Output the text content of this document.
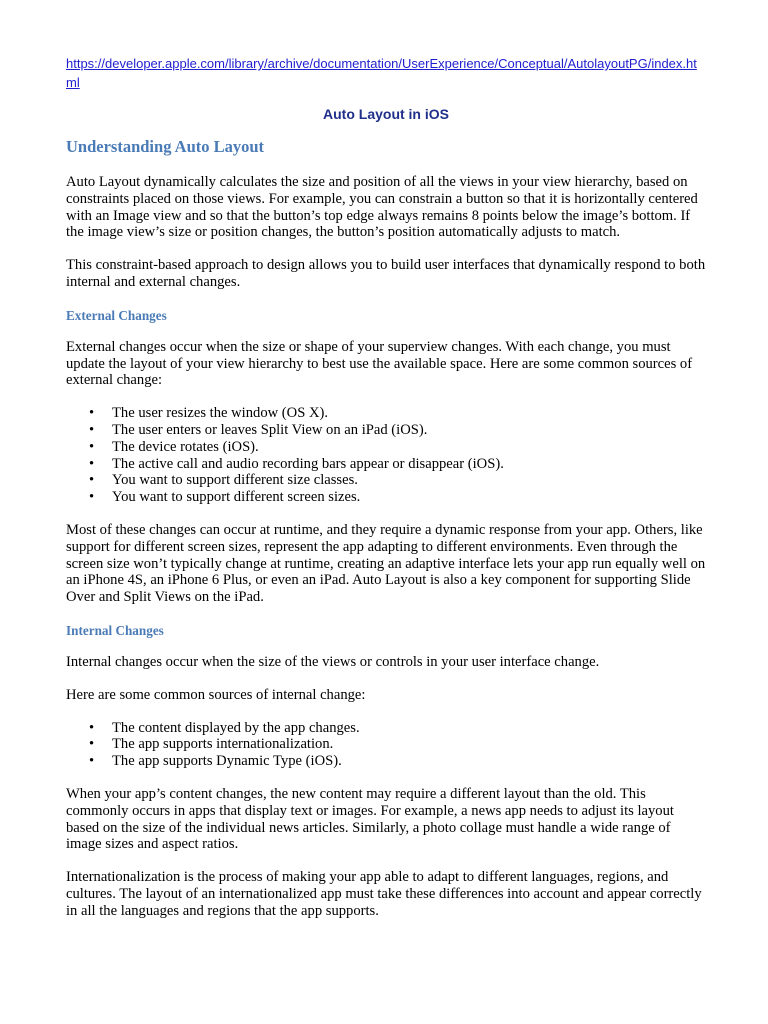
https://developer.apple.com/library/archive/documentation/UserExperience/Conceptual/AutolayoutPG/index.html

Auto Layout in iOS
Understanding Auto Layout

Auto Layout dynamically calculates the size and position of all the views in your view hierarchy, based on constraints placed on those views. For example, you can constrain a button so that it is horizontally centered with an Image view and so that the button’s top edge always remains 8 points below the image’s bottom. If the image view’s size or position changes, the button’s position automatically adjusts to match.

This constraint-based approach to design allows you to build user interfaces that dynamically respond to both internal and external changes.

External Changes

External changes occur when the size or shape of your superview changes. With each change, you must update the layout of your view hierarchy to best use the available space. Here are some common sources of external change:

• The user resizes the window (OS X).
• The user enters or leaves Split View on an iPad (iOS).
• The device rotates (iOS).
• The active call and audio recording bars appear or disappear (iOS).
• You want to support different size classes.
• You want to support different screen sizes.

Most of these changes can occur at runtime, and they require a dynamic response from your app. Others, like support for different screen sizes, represent the app adapting to different environments. Even through the screen size won’t typically change at runtime, creating an adaptive interface lets your app run equally well on an iPhone 4S, an iPhone 6 Plus, or even an iPad. Auto Layout is also a key component for supporting Slide Over and Split Views on the iPad.

Internal Changes

Internal changes occur when the size of the views or controls in your user interface change.

Here are some common sources of internal change:

• The content displayed by the app changes.
• The app supports internationalization.
• The app supports Dynamic Type (iOS).

When your app’s content changes, the new content may require a different layout than the old. This commonly occurs in apps that display text or images. For example, a news app needs to adjust its layout based on the size of the individual news articles. Similarly, a photo collage must handle a wide range of image sizes and aspect ratios.

Internationalization is the process of making your app able to adapt to different languages, regions, and cultures. The layout of an internationalized app must take these differences into account and appear correctly in all the languages and regions that the app supports.
